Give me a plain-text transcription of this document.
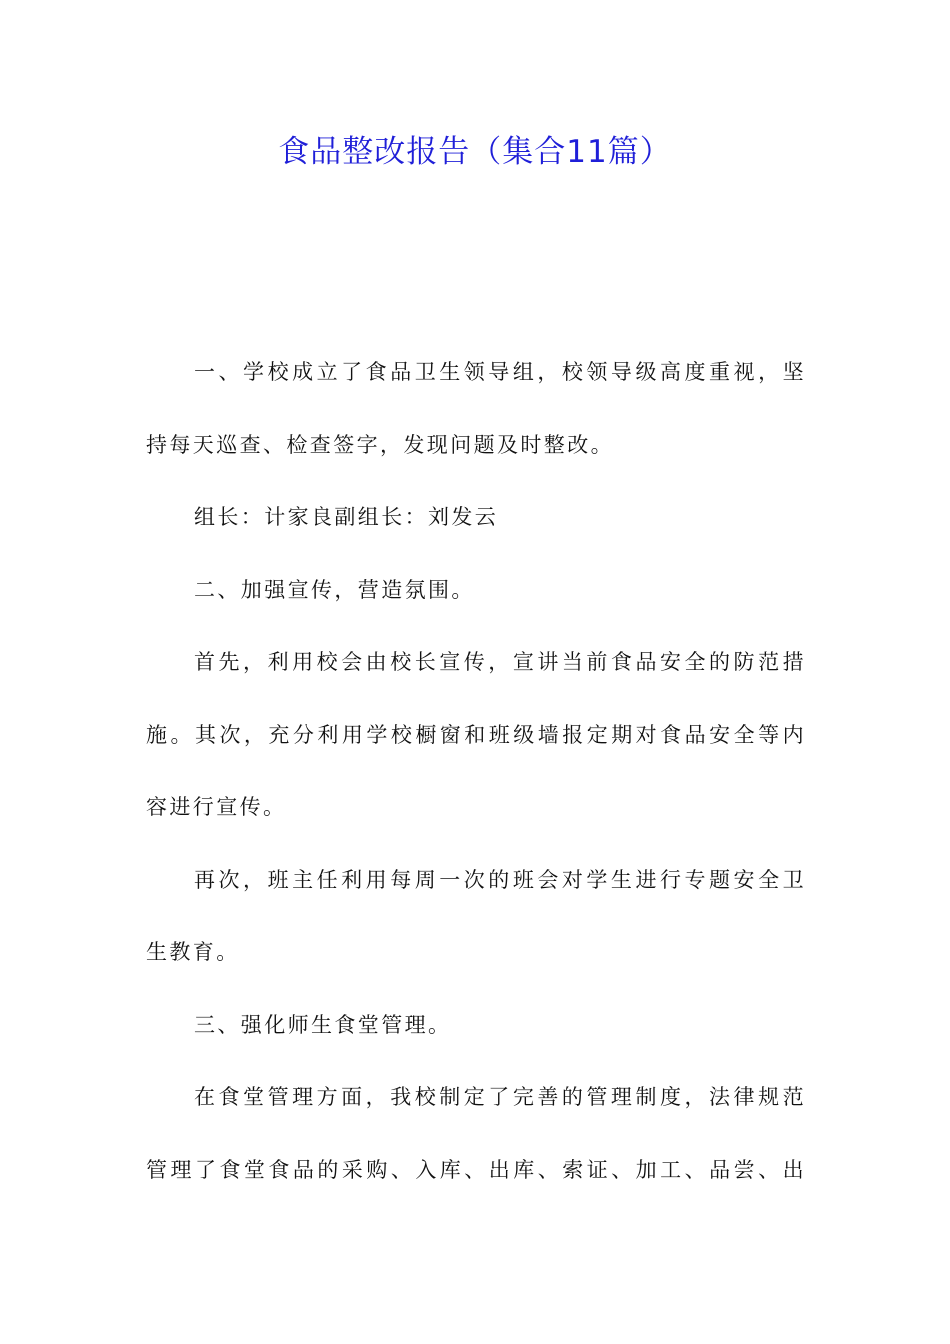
食品整改报告（集合11篇）
一、学校成立了食品卫生领导组，校领导级高度重视，坚
持每天巡查、检查签字，发现问题及时整改。
组长：计家良副组长：刘发云
二、加强宣传，营造氛围。
首先，利用校会由校长宣传，宣讲当前食品安全的防范措
施。其次，充分利用学校橱窗和班级墙报定期对食品安全等内
容进行宣传。
再次，班主任利用每周一次的班会对学生进行专题安全卫
生教育。
三、强化师生食堂管理。
在食堂管理方面，我校制定了完善的管理制度，法律规范
管理了食堂食品的采购、入库、出库、索证、加工、品尝、出
